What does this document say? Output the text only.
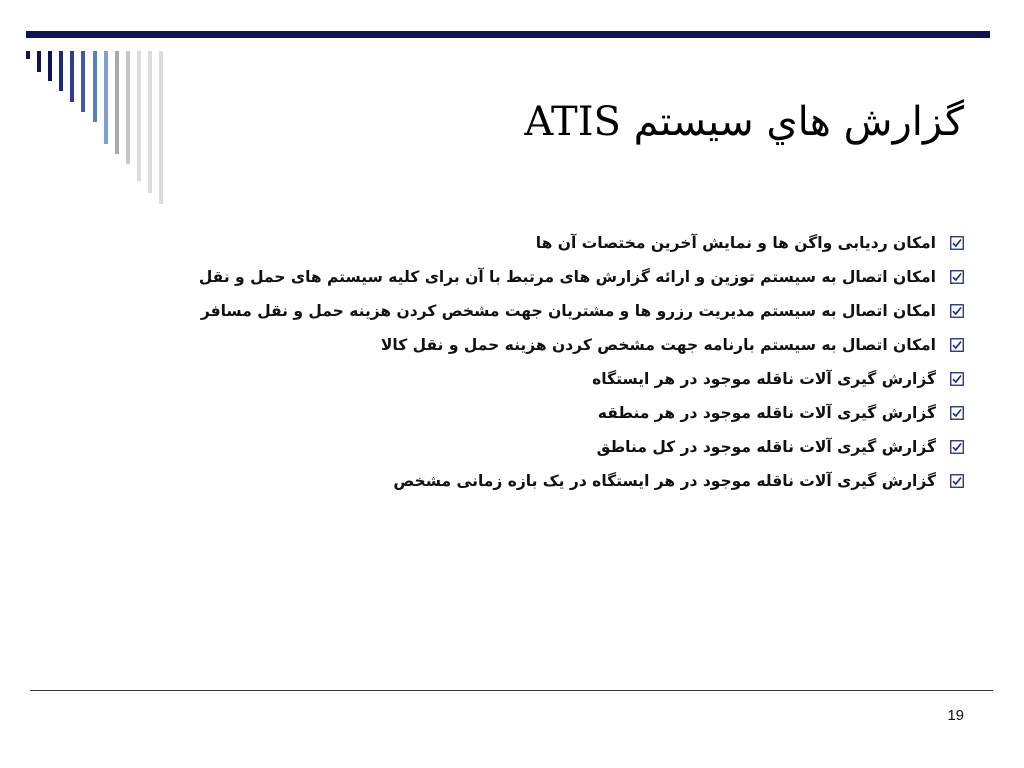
گزارش هاي سيستم ATIS
امکان ردیابی واگن ها و نمایش آخرین مختصات آن ها
امکان اتصال به سیستم توزین و ارائه گزارش های مرتبط با آن برای کلیه سیستم های حمل و نقل
امکان اتصال به سیستم مدیریت رزرو ها و مشتریان جهت مشخص کردن هزینه حمل و نقل مسافر
امکان اتصال به سیستم بارنامه جهت مشخص کردن هزینه حمل و نقل کالا
گزارش گیری آلات ناقله موجود در هر ایستگاه
گزارش گیری آلات ناقله موجود در هر منطقه
گزارش گیری آلات ناقله موجود در کل مناطق
گزارش گیری آلات ناقله موجود در هر ایستگاه در یک بازه زمانی مشخص
19
